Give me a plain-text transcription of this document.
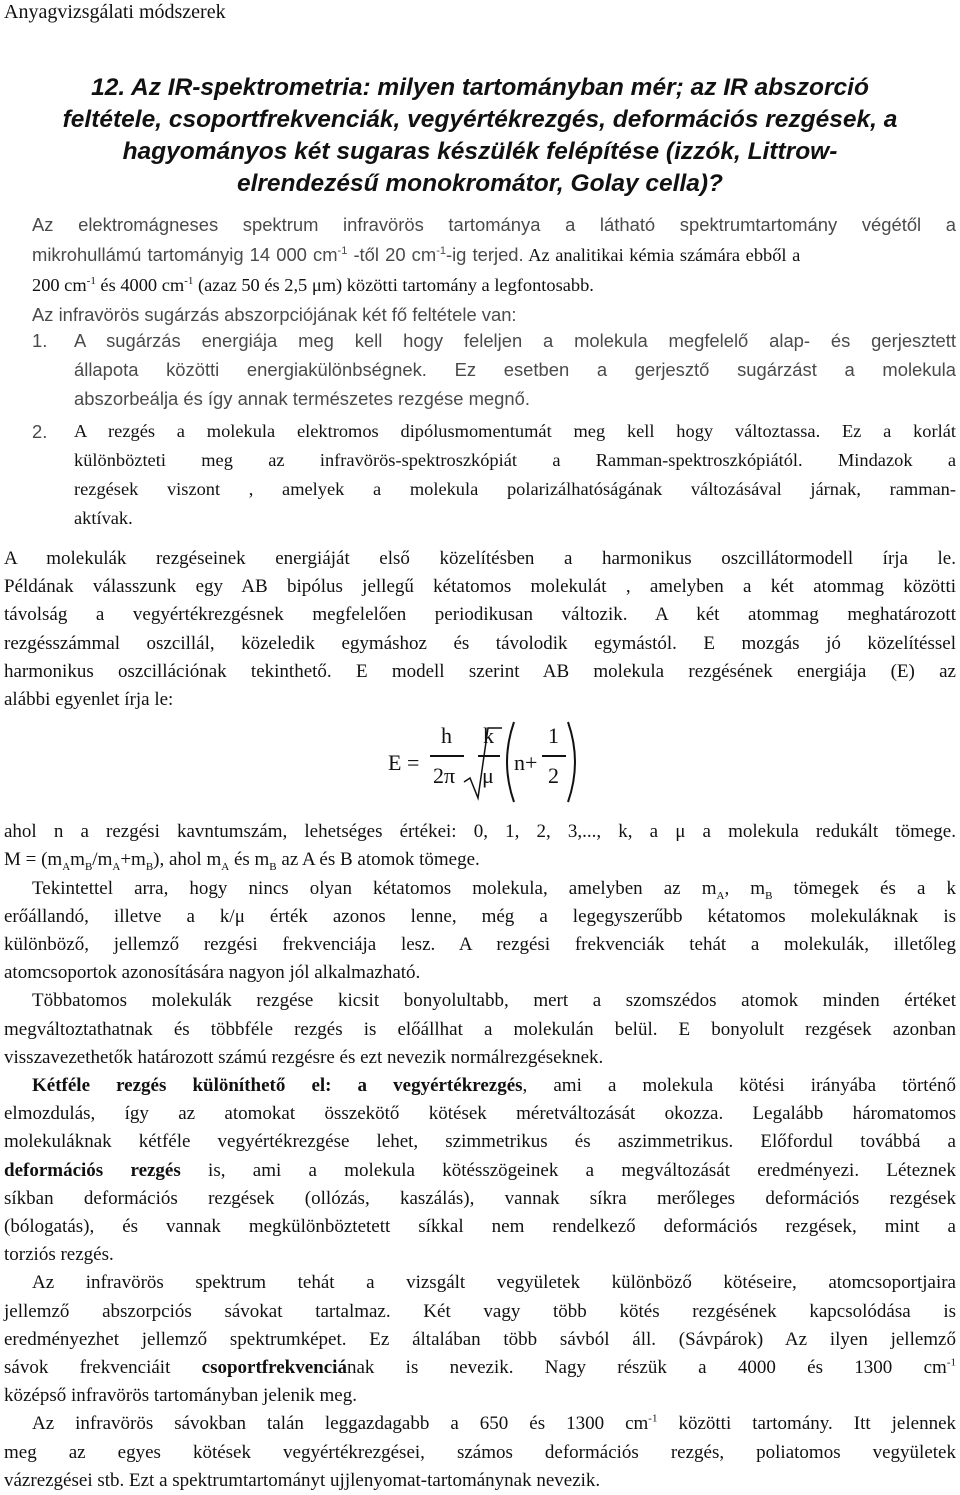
Anyagvizsgálati módszerek
12. Az IR-spektrometria: milyen tartományban mér; az IR abszorció
feltétele, csoportfrekvenciák, vegyértékrezgés, deformációs rezgések, a
hagyományos két sugaras készülék felépítése (izzók, Littrow-
elrendezésű monokromátor, Golay cella)?
Az elektromágneses spektrum infravörös tartománya a látható spektrumtartomány végétől a
mikrohullámú tartományig 14 000 $cm^{-1}$ -től 20 $cm^{-1}-ig$ terjed. Az analitikai kémia számára ebből a
200 $cm^{-1}$ és 4000 $cm^{-1}$ (azaz 50 és 2,5 μm) közötti tartomány a legfontosabb.
Az infravörös sugárzás abszorpciójának két fő feltétele van:
1. A sugárzás energiája meg kell hogy feleljen a molekula megfelelő alap- és gerjesztett
állapota közötti energiakülönbségnek. Ez esetben a gerjesztő sugárzást a molekula
abszorbeálja és így annak természetes rezgése megnő.
2. A rezgés a molekula elektromos dipólusmomentumát meg kell hogy változtassa. Ez a korlát
különbözteti meg az infravörös-spektroszkópiát a Ramman-spektroszkópiától. Mindazok a
rezgések viszont , amelyek a molekula polarizálhatóságának változásával járnak, ramman-
aktívak.
A molekulák rezgéseinek energiáját első közelítésben a harmonikus oszcillátormodell írja le.
Példának válasszunk egy AB bipólus jellegű kétatomos molekulát , amelyben a két atommag közötti
távolság a vegyértékrezgésnek megfelelően periodikusan változik. A két atommag meghatározott
rezgésszámmal oszcillál, közeledik egymáshoz és távolodik egymástól. E mozgás jó közelítéssel
harmonikus oszcillációnak tekinthető. E modell szerint AB molekula rezgésének energiája (E) az
alábbi egyenlet írja le:
E =
h
2π
k
μ
n+
1
2
ahol n a rezgési kavntumszám, lehetséges értékei: 0, 1, 2, 3,..., k, a μ a molekula redukált tömege.
$M = (m_Am_B/m_A+m_B)$, ahol $m_A$ és $m_B$ az A és B atomok tömege.
Tekintettel arra, hogy nincs olyan kétatomos molekula, amelyben az $m_A$, $m_B$ tömegek és a k
erőállandó, illetve a k/μ érték azonos lenne, még a legegyszerűbb kétatomos molekuláknak is
különböző, jellemző rezgési frekvenciája lesz. A rezgési frekvenciák tehát a molekulák, illetőleg
atomcsoportok azonosítására nagyon jól alkalmazható.
Többatomos molekulák rezgése kicsit bonyolultabb, mert a szomszédos atomok minden értéket
megváltoztathatnak és többféle rezgés is előállhat a molekulán belül. E bonyolult rezgések azonban
visszavezethetők határozott számú rezgésre és ezt nevezik normálrezgéseknek.
Kétféle rezgés különíthető el: a vegyértékrezgés, ami a molekula kötési irányába történő
elmozdulás, így az atomokat összekötő kötések méretváltozását okozza. Legalább háromatomos
molekuláknak kétféle vegyértékrezgése lehet, szimmetrikus és aszimmetrikus. Előfordul továbbá a
deformációs rezgés is, ami a molekula kötésszögeinek a megváltozását eredményezi. Léteznek
síkban deformációs rezgések (ollózás, kaszálás), vannak síkra merőleges deformációs rezgések
(bólogatás), és vannak megkülönböztetett síkkal nem rendelkező deformációs rezgések, mint a
torziós rezgés.
Az infravörös spektrum tehát a vizsgált vegyületek különböző kötéseire, atomcsoportjaira
jellemző abszorpciós sávokat tartalmaz. Két vagy több kötés rezgésének kapcsolódása is
eredményezhet jellemző spektrumképet. Ez általában több sávból áll. (Sávpárok) Az ilyen jellemző
sávok frekvenciáit csoportfrekvenciának is nevezik. Nagy részük a 4000 és 1300 $cm^{-1}$
középső infravörös tartományban jelenik meg.
Az infravörös sávokban talán leggazdagabb a 650 és 1300 $cm^{-1}$ közötti tartomány. Itt jelennek
meg az egyes kötések vegyértékrezgései, számos deformációs rezgés, poliatomos vegyületek
vázrezgései stb. Ezt a spektrumtartományt ujjlenyomat-tartománynak nevezik.
